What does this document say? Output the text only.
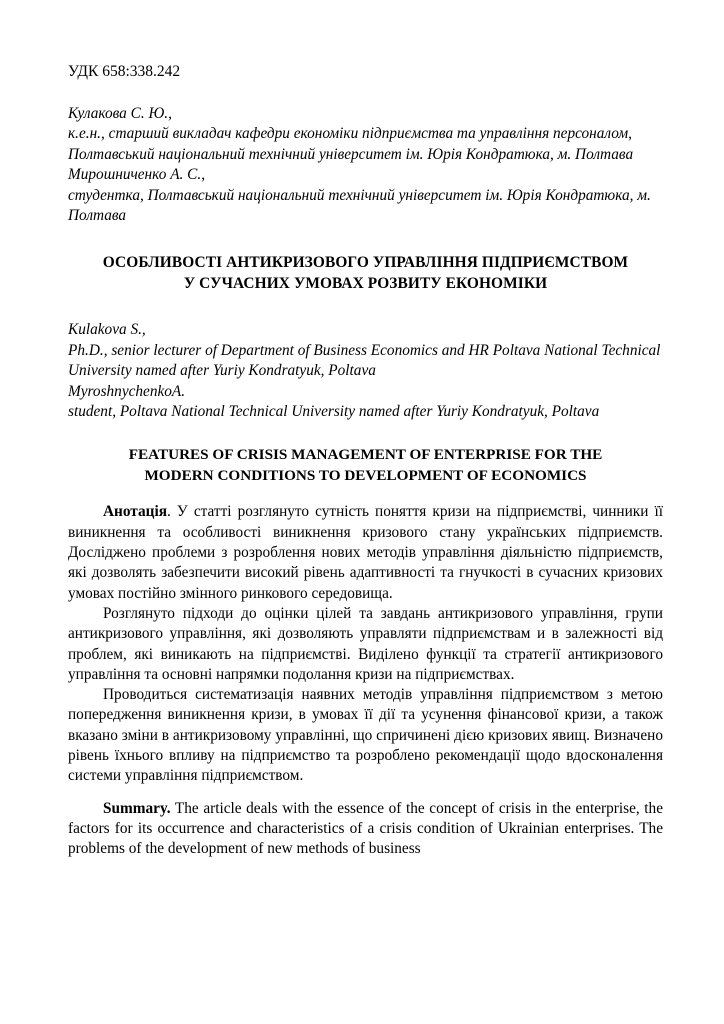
УДК 658:338.242
Кулакова С. Ю.,
к.е.н., старший викладач кафедри економіки підприємства та управління персоналом, Полтавський національний технічний університет ім. Юрія Кондратюка, м. Полтава
Мирошниченко А. С.,
студентка, Полтавський національний технічний університет ім. Юрія Кондратюка, м. Полтава
ОСОБЛИВОСТІ АНТИКРИЗОВОГО УПРАВЛІННЯ ПІДПРИЄМСТВОМ
У СУЧАСНИХ УМОВАХ РОЗВИТУ ЕКОНОМІКИ
Kulakova S.,
Ph.D., senior lecturer of Department of Business Economics and HR Poltava National Technical University named after Yuriy Kondratyuk, Poltava
MyroshnychenkoA.
student, Poltava National Technical University named after Yuriy Kondratyuk, Poltava
FEATURES OF CRISIS MANAGEMENT OF ENTERPRISE FOR THE
MODERN CONDITIONS TO DEVELOPMENT OF ECONOMICS

Анотація. У статті розглянуто сутність поняття кризи на підприємстві, чинники її виникнення та особливості виникнення кризового стану українських підприємств. Досліджено проблеми з розроблення нових методів управління діяльністю підприємств, які дозволять забезпечити високий рівень адаптивності та гнучкості в сучасних кризових умовах постійно змінного ринкового середовища.

Розглянуто підходи до оцінки цілей та завдань антикризового управління, групи антикризового управління, які дозволяють управляти підприємствам и в залежності від проблем, які виникають на підприємстві. Виділено функції та стратегії антикризового управління та основні напрямки подолання кризи на підприємствах.

Проводиться систематизація наявних методів управління підприємством з метою попередження виникнення кризи, в умовах її дії та усунення фінансової кризи, а також вказано зміни в антикризовому управлінні, що спричинені дією кризових явищ. Визначено рівень їхнього впливу на підприємство та розроблено рекомендації щодо вдосконалення системи управління підприємством.

Summary. The article deals with the essence of the concept of crisis in the enterprise, the factors for its occurrence and characteristics of a crisis condition of Ukrainian enterprises. The problems of the development of new methods of business
